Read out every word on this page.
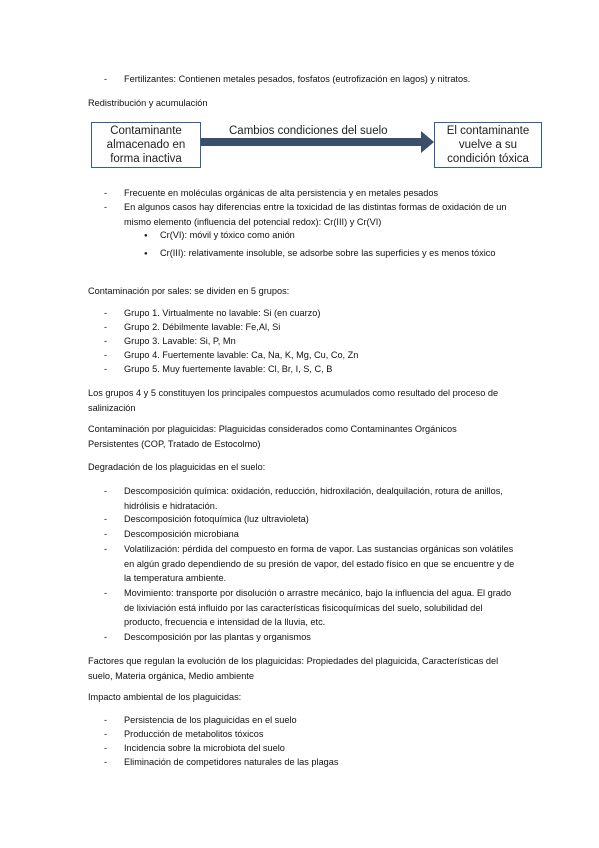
-	Fertilizantes: Contienen metales pesados, fosfatos (eutrofización en lagos) y nitratos.
Redistribución y acumulación
Contaminante almacenado en forma inactiva
Cambios condiciones del suelo	El contaminante vuelve a su condición tóxica
-	Frecuente en moléculas orgánicas de alta persistencia y en metales pesados
-	En algunos casos hay diferencias entre la toxicidad de las distintas formas de oxidación de un mismo elemento (influencia del potencial redox): Cr(III) y Cr(VI)
●
Cr(VI): móvil y tóxico como anión
●
Cr(III): relativamente insoluble, se adsorbe sobre las superficies y es menos tóxico
Contaminación por sales: se dividen en 5 grupos:
-	Grupo 1. Virtualmente no lavable: Si (en cuarzo)
-	Grupo 2. Débilmente lavable: Fe,Al, Si
-	Grupo 3. Lavable: Si, P, Mn
-	Grupo 4. Fuertemente lavable: Ca, Na, K, Mg, Cu, Co, Zn
-	Grupo 5. Muy fuertemente lavable: Cl, Br, I, S, C, B
Los grupos 4 y 5 constituyen los principales compuestos acumulados como resultado del proceso de salinización
Contaminación por plaguicidas: Plaguicidas considerados como Contaminantes Orgánicos Persistentes (COP, Tratado de Estocolmo)
Degradación de los plaguicidas en el suelo:
-	Descomposición química: oxidación, reducción, hidroxilación, dealquilación, rotura de anillos, hidrólisis e hidratación.
-	Descomposición fotoquímica (luz ultravioleta)
-	Descomposición microbiana
-	Volatilización: pérdida del compuesto en forma de vapor. Las sustancias orgánicas son volátiles en algún grado dependiendo de su presión de vapor, del estado físico en que se encuentre y de la temperatura ambiente.
-	Movimiento: transporte por disolución o arrastre mecánico, bajo la influencia del agua. El grado de lixiviación está influido por las características fisicoquímicas del suelo, solubilidad del producto, frecuencia e intensidad de la lluvia, etc.
-	Descomposición por las plantas y organismos
Factores que regulan la evolución de los plaguicidas: Propiedades del plaguicida, Características del suelo, Materia orgánica, Medio ambiente
Impacto ambiental de los plaguicidas:
-	Persistencia de los plaguicidas en el suelo
-	Producción de metabolitos tóxicos
-	Incidencia sobre la microbiota del suelo
-	Eliminación de competidores naturales de las plagas
